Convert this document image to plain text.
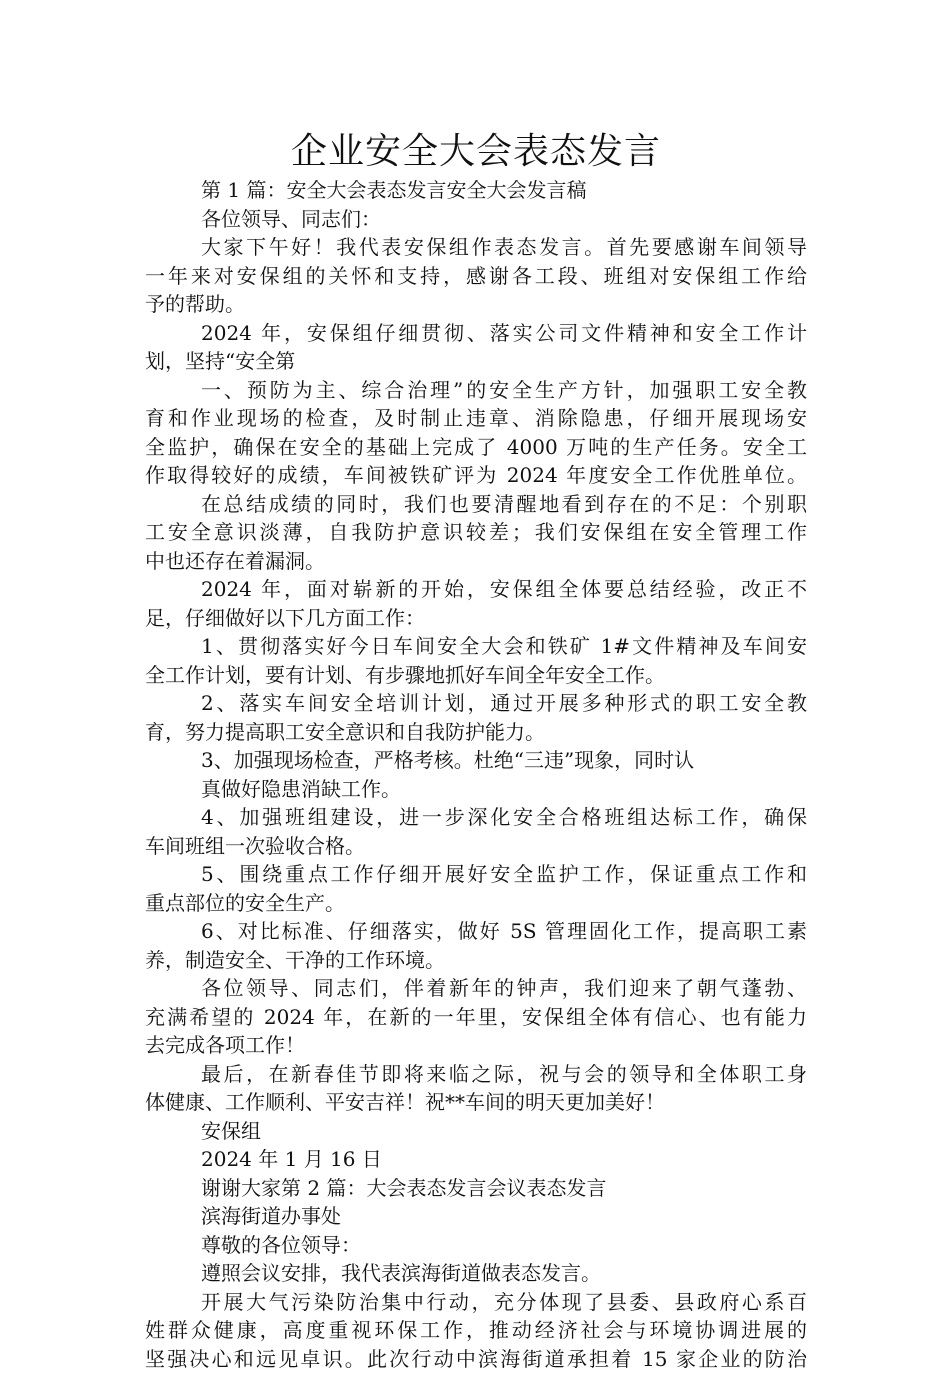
企业安全大会表态发言
第 1 篇：安全大会表态发言安全大会发言稿
各位领导、同志们：
大家下午好！我代表安保组作表态发言。首先要感谢车间领导
一年来对安保组的关怀和支持，感谢各工段、班组对安保组工作给
予的帮助。
2024 年，安保组仔细贯彻、落实公司文件精神和安全工作计
划，坚持“安全第
一、预防为主、综合治理”的安全生产方针，加强职工安全教
育和作业现场的检查，及时制止违章、消除隐患，仔细开展现场安
全监护，确保在安全的基础上完成了 4000 万吨的生产任务。安全工
作取得较好的成绩，车间被铁矿评为 2024 年度安全工作优胜单位。
在总结成绩的同时，我们也要清醒地看到存在的不足：个别职
工安全意识淡薄，自我防护意识较差；我们安保组在安全管理工作
中也还存在着漏洞。
2024 年，面对崭新的开始，安保组全体要总结经验，改正不
足，仔细做好以下几方面工作：
1、贯彻落实好今日车间安全大会和铁矿 1#文件精神及车间安
全工作计划，要有计划、有步骤地抓好车间全年安全工作。
2、落实车间安全培训计划，通过开展多种形式的职工安全教
育，努力提高职工安全意识和自我防护能力。
3、加强现场检查，严格考核。杜绝“三违”现象，同时认
真做好隐患消缺工作。
4、加强班组建设，进一步深化安全合格班组达标工作，确保
车间班组一次验收合格。
5、围绕重点工作仔细开展好安全监护工作，保证重点工作和
重点部位的安全生产。
6、对比标准、仔细落实，做好 5S 管理固化工作，提高职工素
养，制造安全、干净的工作环境。
各位领导、同志们，伴着新年的钟声，我们迎来了朝气蓬勃、
充满希望的 2024 年，在新的一年里，安保组全体有信心、也有能力
去完成各项工作！
最后，在新春佳节即将来临之际，祝与会的领导和全体职工身
体健康、工作顺利、平安吉祥！祝**车间的明天更加美好！
安保组
2024 年 1 月 16 日
谢谢大家第 2 篇：大会表态发言会议表态发言
滨海街道办事处
尊敬的各位领导：
遵照会议安排，我代表滨海街道做表态发言。
开展大气污染防治集中行动，充分体现了县委、县政府心系百
姓群众健康，高度重视环保工作，推动经济社会与环境协调进展的
坚强决心和远见卓识。此次行动中滨海街道承担着 15 家企业的防治
